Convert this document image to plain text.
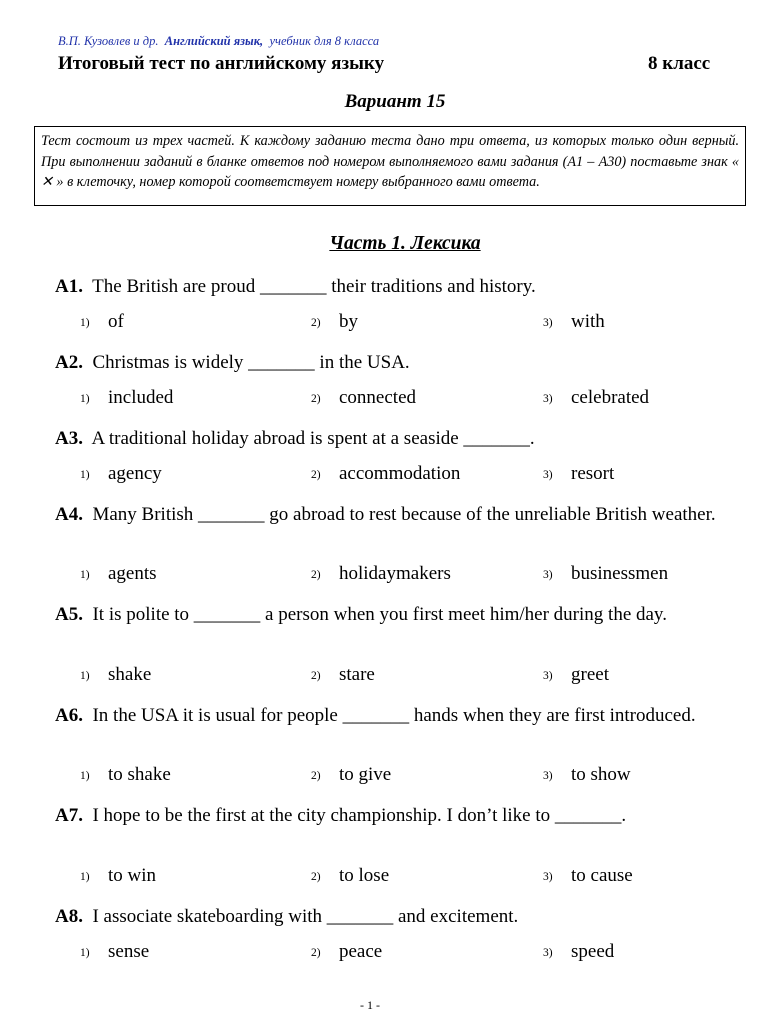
В.П. Кузовлев и др. Английский язык, учебник для 8 класса
Итоговый тест по английскому языку	8 класс
Вариант 15
Тест состоит из трех частей. К каждому заданию теста дано три ответа, из которых только один верный. При выполнении заданий в бланке ответов под номером выполняемого вами задания (А1 – А30) поставьте знак « ✕ » в клеточку, номер которой соответствует номеру выбранного вами ответа.
Часть 1. Лексика
A1. The British are proud _______ their traditions and history.
1) of	2) by	3) with
A2. Christmas is widely _______ in the USA.
1) included	2) connected	3) celebrated
A3. A traditional holiday abroad is spent at a seaside _______.
1) agency	2) accommodation	3) resort
A4. Many British _______ go abroad to rest because of the unreliable British weather.
1) agents	2) holidaymakers	3) businessmen
A5. It is polite to _______ a person when you first meet him/her during the day.
1) shake	2) stare	3) greet
A6. In the USA it is usual for people _______ hands when they are first introduced.
1) to shake	2) to give	3) to show
A7. I hope to be the first at the city championship. I don’t like to _______.
1) to win	2) to lose	3) to cause
A8. I associate skateboarding with _______ and excitement.
1) sense	2) peace	3) speed
- 1 -
